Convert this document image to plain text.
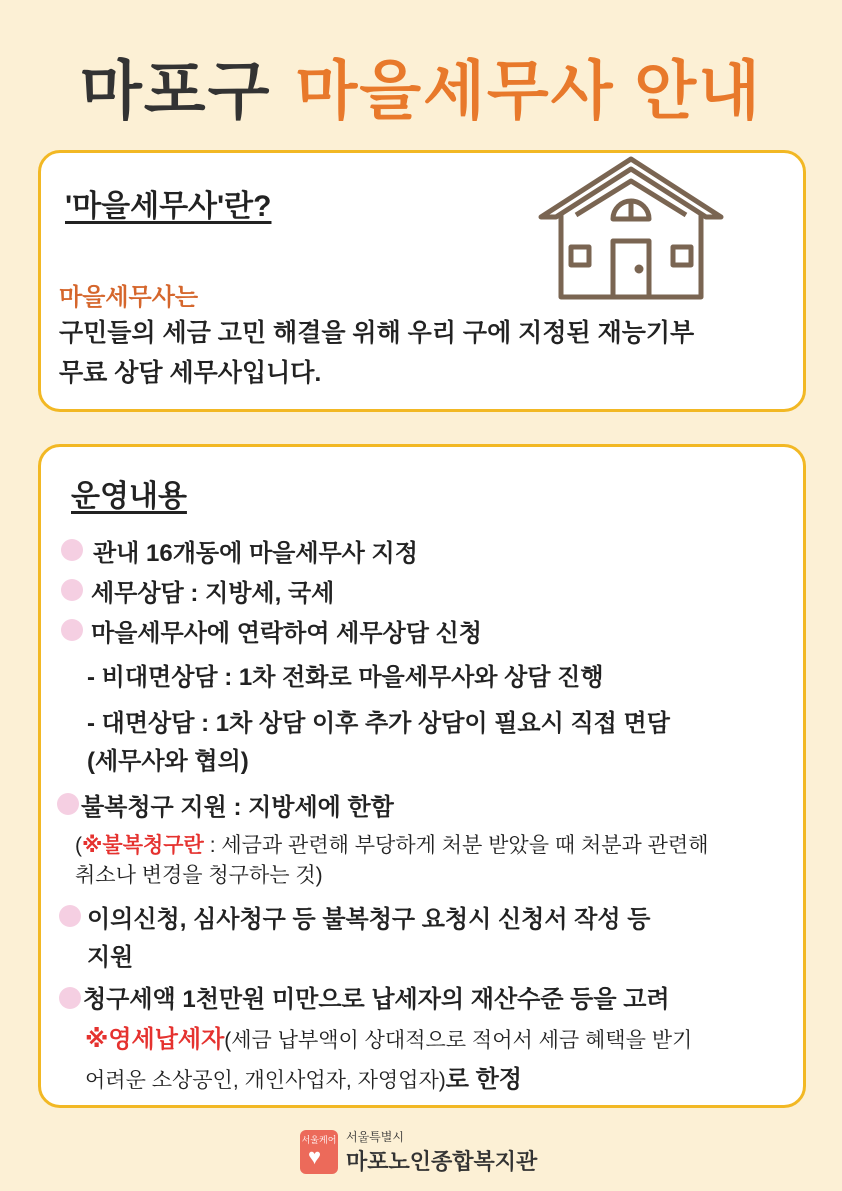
마포구 마을세무사 안내
'마을세무사'란?
마을세무사는
구민들의 세금 고민 해결을 위해 우리 구에 지정된 재능기부
무료 상담 세무사입니다.
운영내용
관내 16개동에 마을세무사 지정
세무상담 : 지방세, 국세
마을세무사에 연락하여 세무상담 신청
- 비대면상담 : 1차 전화로 마을세무사와 상담 진행
- 대면상담 : 1차 상담 이후 추가 상담이 필요시 직접 면담
(세무사와 협의)
불복청구 지원 : 지방세에 한함
(※불복청구란 : 세금과 관련해 부당하게 처분 받았을 때 처분과 관련해
취소나 변경을 청구하는 것)
이의신청, 심사청구 등 불복청구 요청시 신청서 작성 등
지원
청구세액 1천만원 미만으로 납세자의 재산수준 등을 고려
※영세납세자(세금 납부액이 상대적으로 적어서 세금 혜택을 받기
어려운 소상공인, 개인사업자, 자영업자)로 한정
서울케어
♥
서울특별시
마포노인종합복지관
